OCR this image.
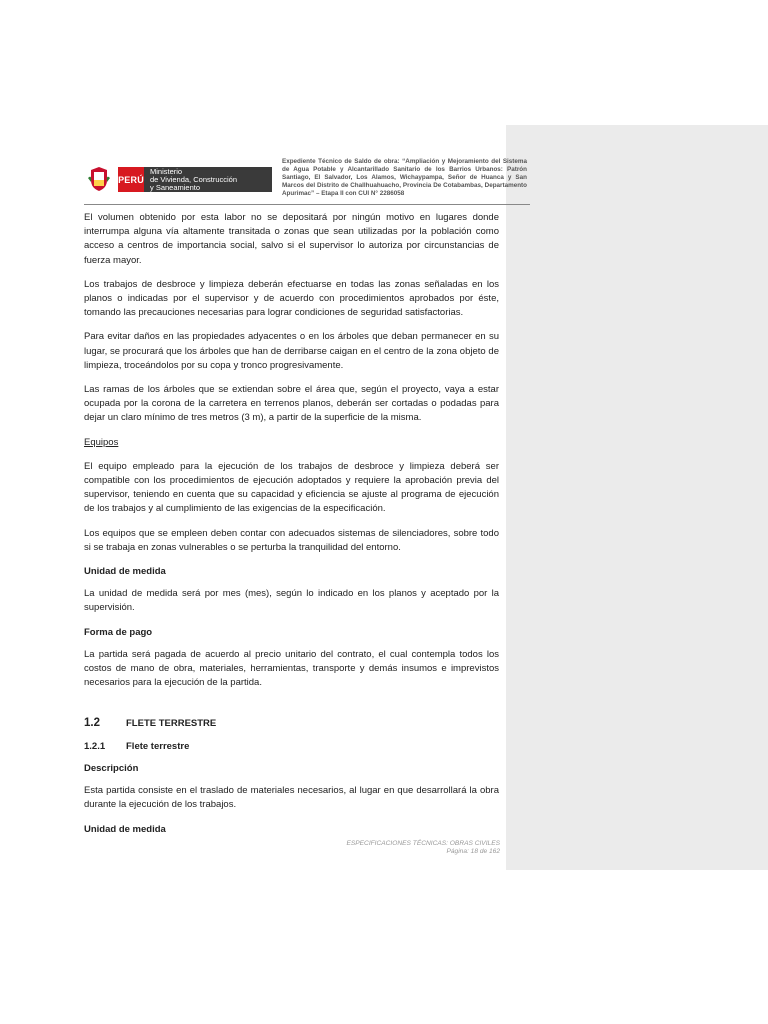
PERÚ
Ministerio
de Vivienda, Construcción
y Saneamiento
Expediente Técnico de Saldo de obra: “Ampliación y Mejoramiento del Sistema de Agua Potable y Alcantarillado Sanitario de los Barrios Urbanos: Patrón Santiago, El Salvador, Los Alamos, Wichaypampa, Señor de Huanca y San Marcos del Distrito de Challhuahuacho, Provincia De Cotabambas, Departamento Apurimac” – Etapa II con CUI N° 2286058

El volumen obtenido por esta labor no se depositará por ningún motivo en lugares donde interrumpa alguna vía altamente transitada o zonas que sean utilizadas por la población como acceso a centros de importancia social, salvo si el supervisor lo autoriza por circunstancias de fuerza mayor.

Los trabajos de desbroce y limpieza deberán efectuarse en todas las zonas señaladas en los planos o indicadas por el supervisor y de acuerdo con procedimientos aprobados por éste, tomando las precauciones necesarias para lograr condiciones de seguridad satisfactorias.

Para evitar daños en las propiedades adyacentes o en los árboles que deban permanecer en su lugar, se procurará que los árboles que han de derribarse caigan en el centro de la zona objeto de limpieza, troceándolos por su copa y tronco progresivamente.

Las ramas de los árboles que se extiendan sobre el área que, según el proyecto, vaya a estar ocupada por la corona de la carretera en terrenos planos, deberán ser cortadas o podadas para dejar un claro mínimo de tres metros (3 m), a partir de la superficie de la misma.

Equipos

El equipo empleado para la ejecución de los trabajos de desbroce y limpieza deberá ser compatible con los procedimientos de ejecución adoptados y requiere la aprobación previa del supervisor, teniendo en cuenta que su capacidad y eficiencia se ajuste al programa de ejecución de los trabajos y al cumplimiento de las exigencias de la especificación.

Los equipos que se empleen deben contar con adecuados sistemas de silenciadores, sobre todo si se trabaja en zonas vulnerables o se perturba la tranquilidad del entorno.

Unidad de medida

La unidad de medida será por mes (mes), según lo indicado en los planos y aceptado por la supervisión.

Forma de pago

La partida será pagada de acuerdo al precio unitario del contrato, el cual contempla todos los costos de mano de obra, materiales, herramientas, transporte y demás insumos e imprevistos necesarios para la ejecución de la partida.

1.2	FLETE TERRESTRE
1.2.1	Flete terrestre
Descripción

Esta partida consiste en el traslado de materiales necesarios, al lugar en que desarrollará la obra durante la ejecución de los trabajos.

Unidad de medida
ESPECIFICACIONES TÉCNICAS: OBRAS CIVILES
Página: 18 de 162
